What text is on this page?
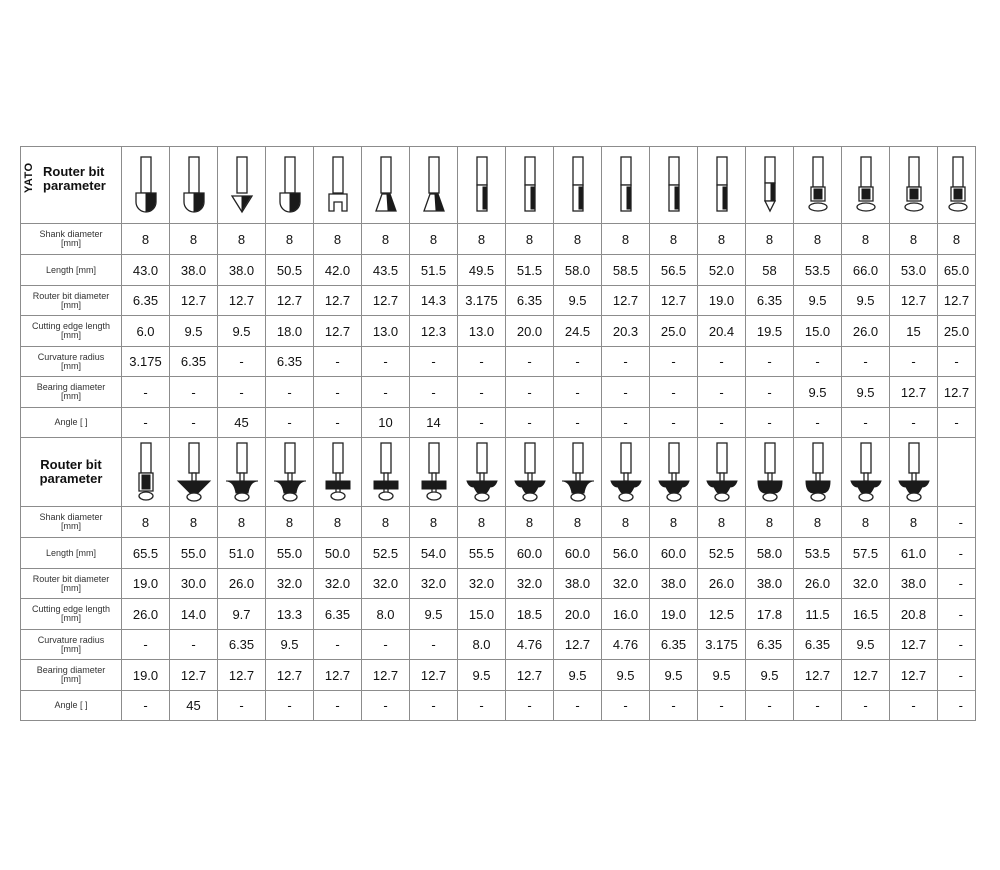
YATO Router bit
parameter

Shank diameter
[mm]	8	8	8	8	8	8	8	8	8	8	8	8	8	8	8	8	8	8

Length [mm]	43.0	38.0	38.0	50.5	42.0	43.5	51.5	49.5	51.5	58.0	58.5	56.5	52.0	58	53.5	66.0	53.0	65.0

Router bit diameter
[mm]	6.35	12.7	12.7	12.7	12.7	12.7	14.3	3.175	6.35	9.5	12.7	12.7	19.0	6.35	9.5	9.5	12.7	12.7

Cutting edge length
[mm]	6.0	9.5	9.5	18.0	12.7	13.0	12.3	13.0	20.0	24.5	20.3	25.0	20.4	19.5	15.0	26.0	15	25.0

Curvature radius
[mm]	3.175	6.35	-	6.35	-	-	-	-	-	-	-	-	-	-	-	-	-	-

Bearing diameter
[mm]	-	-	-	-	-	-	-	-	-	-	-	-	-	-	9.5	9.5	12.7	12.7

Angle [ ]	-	-	45	-	-	10	14	-	-	-	-	-	-	-	-	-	-	-

Router bit
parameter

Shank diameter
[mm]	8	8	8	8	8	8	8	8	8	8	8	8	8	8	8	8	8	-

Length [mm]	65.5	55.0	51.0	55.0	50.0	52.5	54.0	55.5	60.0	60.0	56.0	60.0	52.5	58.0	53.5	57.5	61.0	-

Router bit diameter
[mm]	19.0	30.0	26.0	32.0	32.0	32.0	32.0	32.0	32.0	38.0	32.0	38.0	26.0	38.0	26.0	32.0	38.0	-

Cutting edge length
[mm]	26.0	14.0	9.7	13.3	6.35	8.0	9.5	15.0	18.5	20.0	16.0	19.0	12.5	17.8	11.5	16.5	20.8	-

Curvature radius
[mm]	-	-	6.35	9.5	-	-	-	8.0	4.76	12.7	4.76	6.35	3.175	6.35	6.35	9.5	12.7	-

Bearing diameter
[mm]	19.0	12.7	12.7	12.7	12.7	12.7	12.7	9.5	12.7	9.5	9.5	9.5	9.5	9.5	12.7	12.7	12.7	-

Angle [ ]	-	45	-	-	-	-	-	-	-	-	-	-	-	-	-	-	-	-
